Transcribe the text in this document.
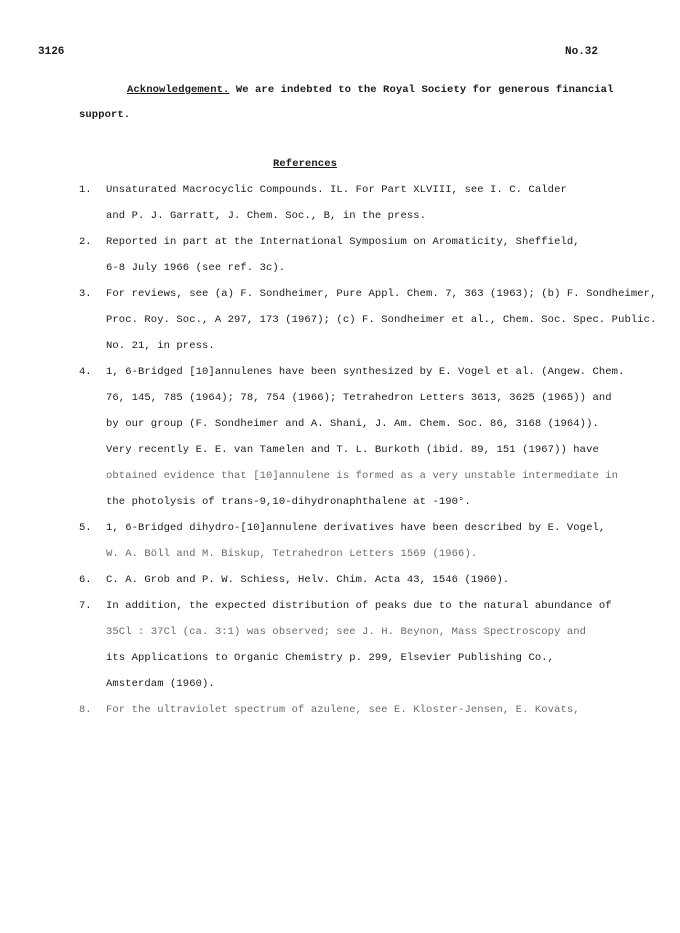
3126	No.32
Acknowledgement. We are indebted to the Royal Society for generous financial
support.
References
1. Unsaturated Macrocyclic Compounds. IL. For Part XLVIII, see I. C. Calder
and P. J. Garratt, J. Chem. Soc., B, in the press.
2. Reported in part at the International Symposium on Aromaticity, Sheffield,
6-8 July 1966 (see ref. 3c).
3. For reviews, see (a) F. Sondheimer, Pure Appl. Chem. 7, 363 (1963); (b) F. Sondheimer,
Proc. Roy. Soc., A 297, 173 (1967); (c) F. Sondheimer et al., Chem. Soc. Spec. Public.
No. 21, in press.
4. 1, 6-Bridged [10]annulenes have been synthesized by E. Vogel et al. (Angew. Chem.
76, 145, 785 (1964); 78, 754 (1966); Tetrahedron Letters 3613, 3625 (1965)) and
by our group (F. Sondheimer and A. Shani, J. Am. Chem. Soc. 86, 3168 (1964)).
Very recently E. E. van Tamelen and T. L. Burkoth (ibid. 89, 151 (1967)) have
obtained evidence that [10]annulene is formed as a very unstable intermediate in
the photolysis of trans-9,10-dihydronaphthalene at -190°.
5. 1, 6-Bridged dihydro-[10]annulene derivatives have been described by E. Vogel,
W. A. Böll and M. Biskup, Tetrahedron Letters 1569 (1966).
6. C. A. Grob and P. W. Schiess, Helv. Chim. Acta 43, 1546 (1960).
7. In addition, the expected distribution of peaks due to the natural abundance of
35Cl : 37Cl (ca. 3:1) was observed; see J. H. Beynon, Mass Spectroscopy and
its Applications to Organic Chemistry p. 299, Elsevier Publishing Co.,
Amsterdam (1960).
8. For the ultraviolet spectrum of azulene, see E. Kloster-Jensen, E. Kovats,
